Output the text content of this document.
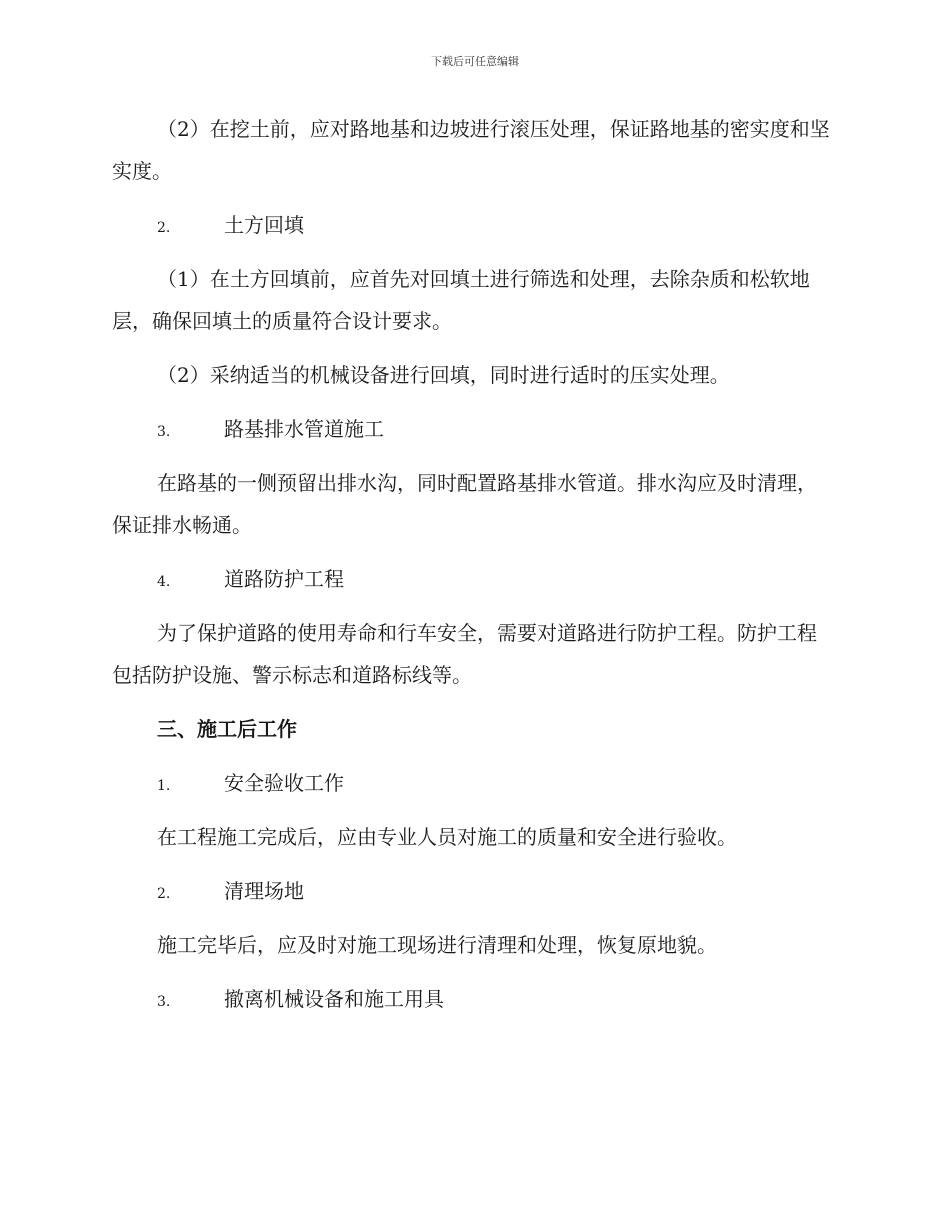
下载后可任意编辑

（2）在挖土前，应对路地基和边坡进行滚压处理，保证路地基的密实度和坚实度。

2.	土方回填

（1）在土方回填前，应首先对回填土进行筛选和处理，去除杂质和松软地层，确保回填土的质量符合设计要求。

（2）采纳适当的机械设备进行回填，同时进行适时的压实处理。

3.	路基排水管道施工

在路基的一侧预留出排水沟，同时配置路基排水管道。排水沟应及时清理，保证排水畅通。

4.	道路防护工程

为了保护道路的使用寿命和行车安全，需要对道路进行防护工程。防护工程包括防护设施、警示标志和道路标线等。

三、施工后工作
1.	安全验收工作

在工程施工完成后，应由专业人员对施工的质量和安全进行验收。

2.	清理场地

施工完毕后，应及时对施工现场进行清理和处理，恢复原地貌。

3.	撤离机械设备和施工用具
